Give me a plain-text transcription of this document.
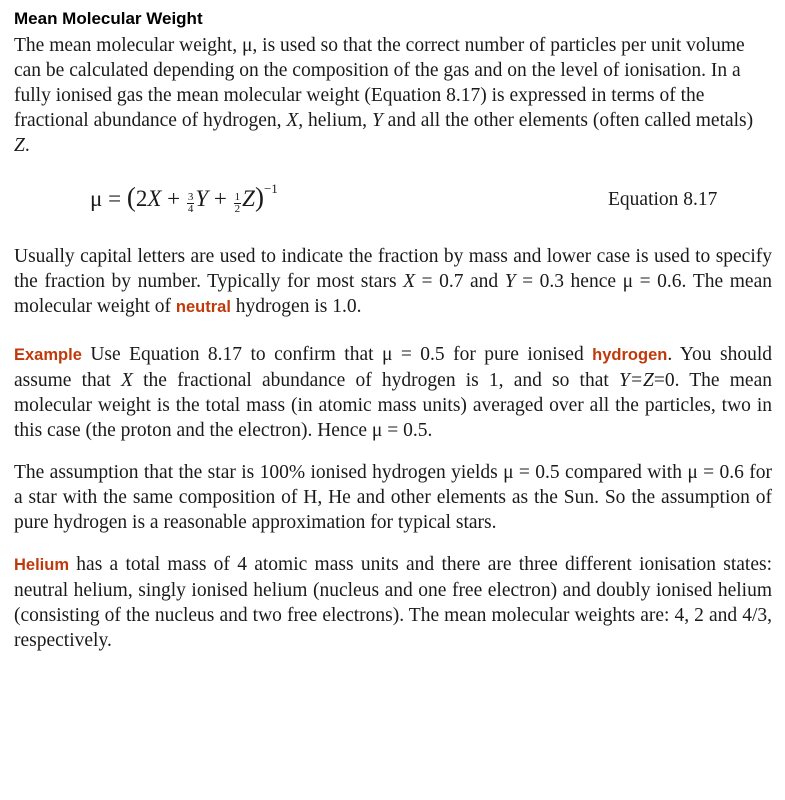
Mean Molecular Weight

The mean molecular weight, μ, is used so that the correct number of particles per unit volume can be calculated depending on the composition of the gas and on the level of ionisation. In a fully ionised gas the mean molecular weight (Equation 8.17) is expressed in terms of the fractional abundance of hydrogen, X, helium, Y and all the other elements (often called metals) Z.

$\mu = (2X + \frac{3}{4}$ $Y + \frac{1}{2} Z)^{-1}$
Equation 8.17

Usually capital letters are used to indicate the fraction by mass and lower case is used to specify the fraction by number. Typically for most stars X = 0.7 and Y = 0.3 hence μ = 0.6. The mean molecular weight of neutral hydrogen is 1.0.

Example Use Equation 8.17 to confirm that μ = 0.5 for pure ionised hydrogen. You should assume that X the fractional abundance of hydrogen is 1, and so that Y=Z=0. The mean molecular weight is the total mass (in atomic mass units) averaged over all the particles, two in this case (the proton and the electron). Hence μ = 0.5.

The assumption that the star is 100% ionised hydrogen yields μ = 0.5 compared with μ = 0.6 for a star with the same composition of H, He and other elements as the Sun. So the assumption of pure hydrogen is a reasonable approximation for typical stars.

Helium has a total mass of 4 atomic mass units and there are three different ionisation states: neutral helium, singly ionised helium (nucleus and one free electron) and doubly ionised helium (consisting of the nucleus and two free electrons). The mean molecular weights are: 4, 2 and 4/3, respectively.
